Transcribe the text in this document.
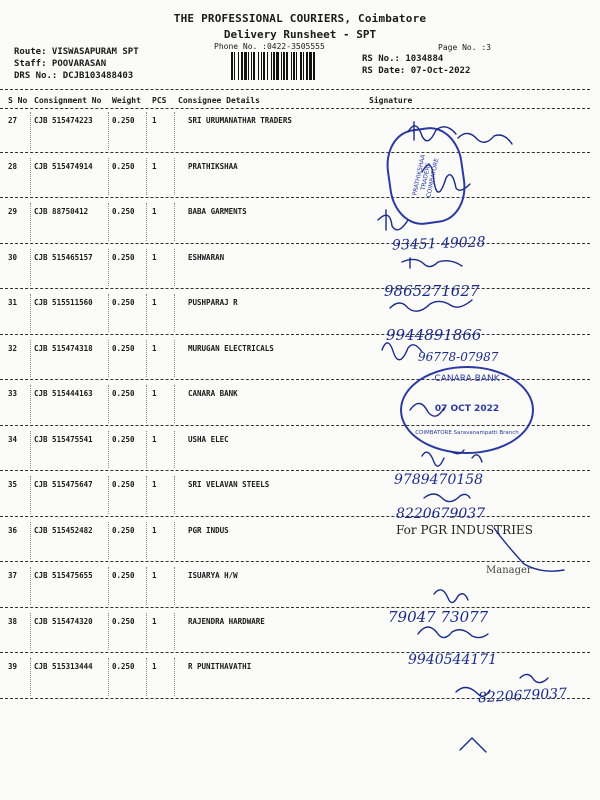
THE PROFESSIONAL COURIERS, Coimbatore
Delivery Runsheet - SPT
Phone No. :0422-3505555	Page No. :3
Route: VISWASAPURAM SPT
Staff: POOVARASAN
DRS No.: DCJB103488403
RS No.: 1034884
RS Date: 07-Oct-2022
S No Consignment No Weight PCS Consignee Details	Signature
27 CJB 515474223	0.250 1	SRI URUMANATHAR TRADERS
28 CJB 515474914	0.250 1	PRATHIKSHAA
29 CJB 88750412	0.250 1	BABA GARMENTS
30 CJB 515465157	0.250 1	ESHWARAN
31 CJB 515511560	0.250 1	PUSHPARAJ R
32 CJB 515474318	0.250 1	MURUGAN ELECTRICALS
33 CJB 515444163	0.250 1	CANARA BANK
34 CJB 515475541	0.250 1	USHA ELEC
35 CJB 515475647	0.250 1	SRI VELAVAN STEELS
36 CJB 515452482	0.250 1	PGR INDUS
37 CJB 515475655	0.250 1	ISUARYA H/W
38 CJB 515474320	0.250 1	RAJENDRA HARDWARE
39 CJB 515313444	0.250 1	R PUNITHAVATHI
PRATHIKSHAA TRADERS COIMBATORE
CANARA BANK
07 OCT 2022
COIMBATORE Saravanampatti Branch
For PGR INDUSTRIES
Manager
93451 49028
9865271627
9944891866
96778-07987
9789470158
8220679037
79047 73077
9940544171
8220679037
